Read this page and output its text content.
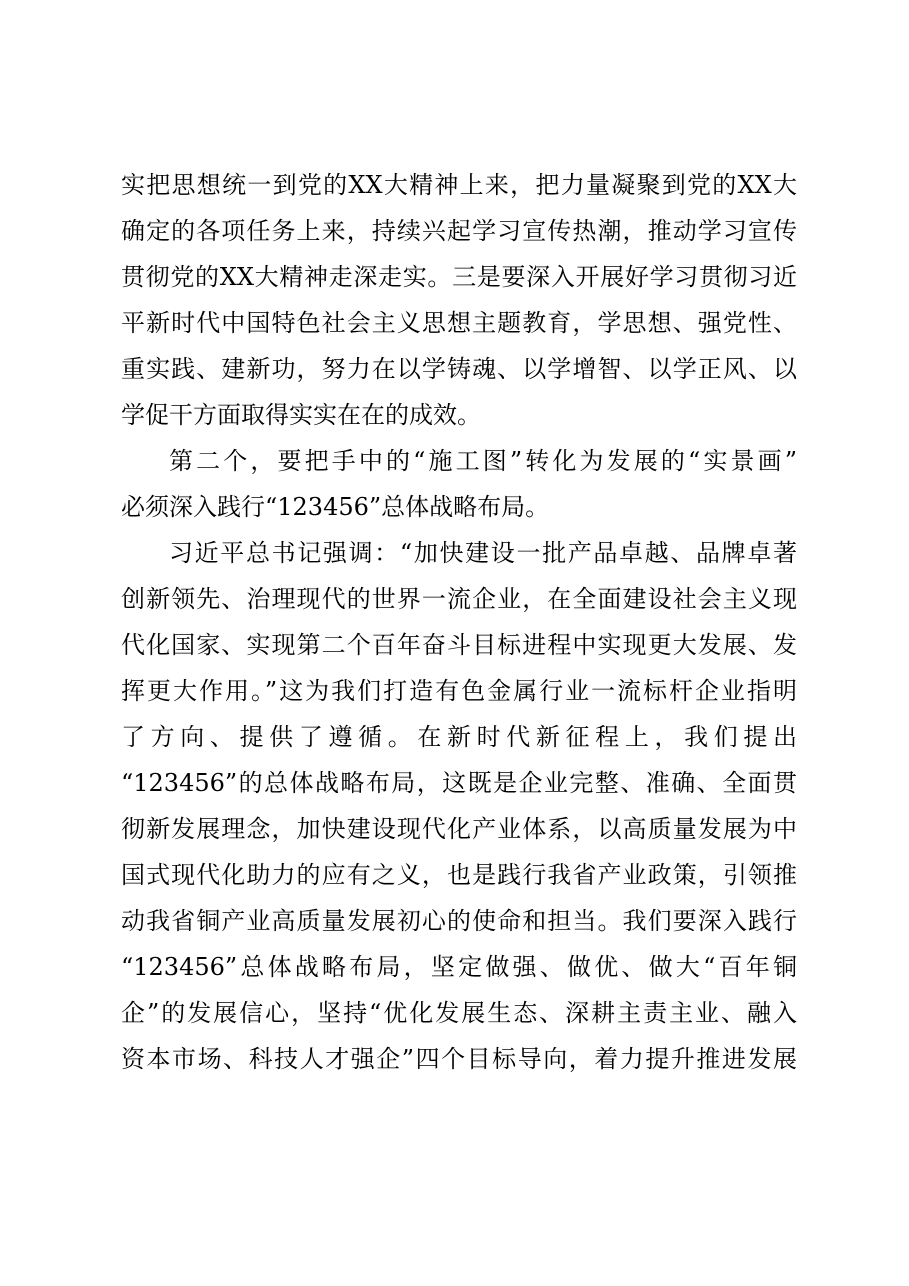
实把思想统一到党的XX大精神上来，把力量凝聚到党的XX大
确定的各项任务上来，持续兴起学习宣传热潮，推动学习宣传
贯彻党的XX大精神走深走实。三是要深入开展好学习贯彻习近
平新时代中国特色社会主义思想主题教育，学思想、强党性、
重实践、建新功，努力在以学铸魂、以学增智、以学正风、以
学促干方面取得实实在在的成效。
第二个，要把手中的“施工图”转化为发展的“实景画”
必须深入践行“123456”总体战略布局。
习近平总书记强调：“加快建设一批产品卓越、品牌卓著
创新领先、治理现代的世界一流企业，在全面建设社会主义现
代化国家、实现第二个百年奋斗目标进程中实现更大发展、发
挥更大作用。”这为我们打造有色金属行业一流标杆企业指明
了方向、提供了遵循。在新时代新征程上，我们提出
“123456”的总体战略布局，这既是企业完整、准确、全面贯
彻新发展理念，加快建设现代化产业体系，以高质量发展为中
国式现代化助力的应有之义，也是践行我省产业政策，引领推
动我省铜产业高质量发展初心的使命和担当。我们要深入践行
“123456”总体战略布局，坚定做强、做优、做大“百年铜
企”的发展信心，坚持“优化发展生态、深耕主责主业、融入
资本市场、科技人才强企”四个目标导向，着力提升推进发展
